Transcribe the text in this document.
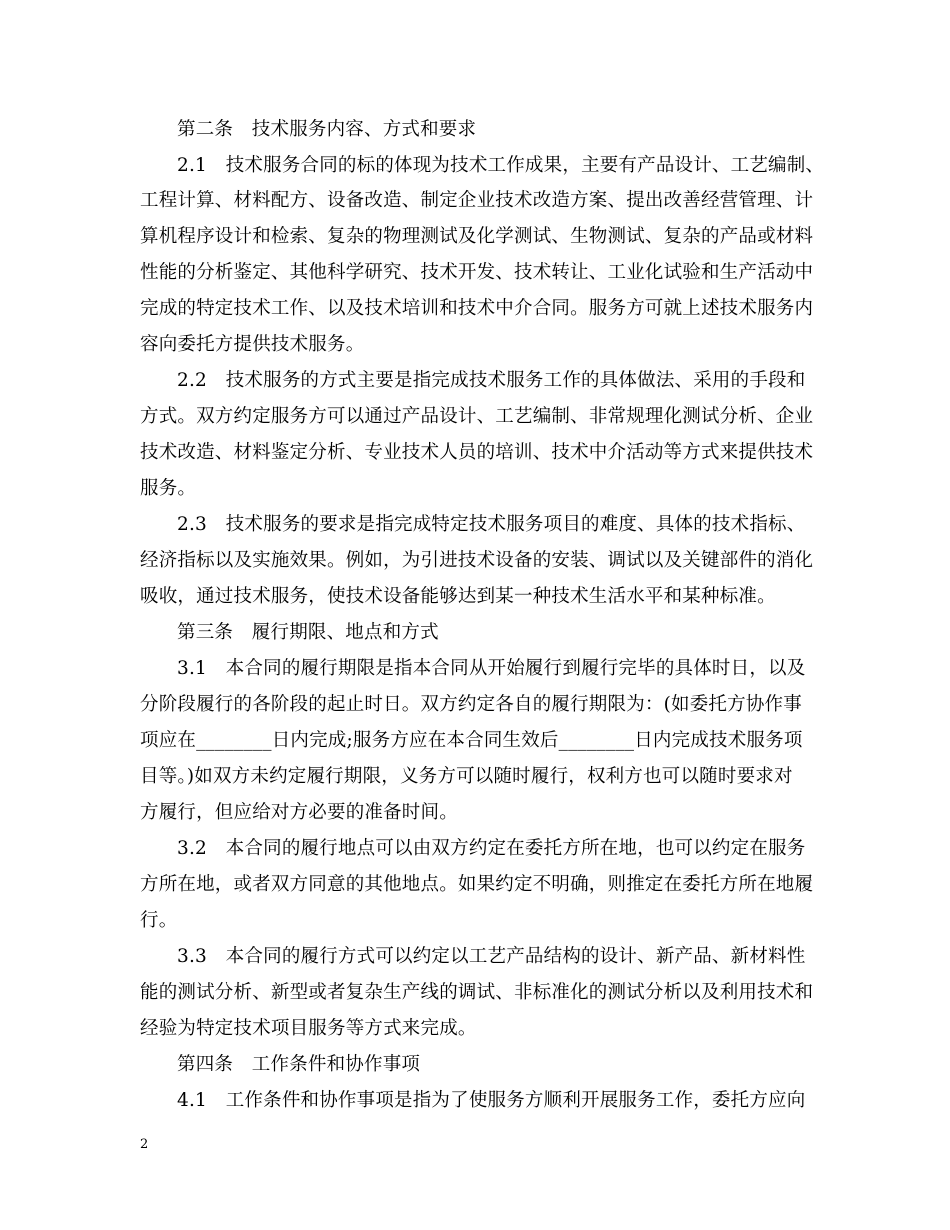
第二条　技术服务内容、方式和要求
2.1　技术服务合同的标的体现为技术工作成果，主要有产品设计、工艺编制、
工程计算、材料配方、设备改造、制定企业技术改造方案、提出改善经营管理、计
算机程序设计和检索、复杂的物理测试及化学测试、生物测试、复杂的产品或材料
性能的分析鉴定、其他科学研究、技术开发、技术转让、工业化试验和生产活动中
完成的特定技术工作、以及技术培训和技术中介合同。服务方可就上述技术服务内
容向委托方提供技术服务。
2.2　技术服务的方式主要是指完成技术服务工作的具体做法、采用的手段和
方式。双方约定服务方可以通过产品设计、工艺编制、非常规理化测试分析、企业
技术改造、材料鉴定分析、专业技术人员的培训、技术中介活动等方式来提供技术
服务。
2.3　技术服务的要求是指完成特定技术服务项目的难度、具体的技术指标、
经济指标以及实施效果。例如，为引进技术设备的安装、调试以及关键部件的消化
吸收，通过技术服务，使技术设备能够达到某一种技术生活水平和某种标准。
第三条　履行期限、地点和方式
3.1　本合同的履行期限是指本合同从开始履行到履行完毕的具体时日，以及
分阶段履行的各阶段的起止时日。双方约定各自的履行期限为：(如委托方协作事
项应在________日内完成;服务方应在本合同生效后________日内完成技术服务项
目等。)如双方未约定履行期限，义务方可以随时履行，权利方也可以随时要求对
方履行，但应给对方必要的准备时间。
3.2　本合同的履行地点可以由双方约定在委托方所在地，也可以约定在服务
方所在地，或者双方同意的其他地点。如果约定不明确，则推定在委托方所在地履
行。
3.3　本合同的履行方式可以约定以工艺产品结构的设计、新产品、新材料性
能的测试分析、新型或者复杂生产线的调试、非标准化的测试分析以及利用技术和
经验为特定技术项目服务等方式来完成。
第四条　工作条件和协作事项
4.1　工作条件和协作事项是指为了使服务方顺利开展服务工作，委托方应向
2
